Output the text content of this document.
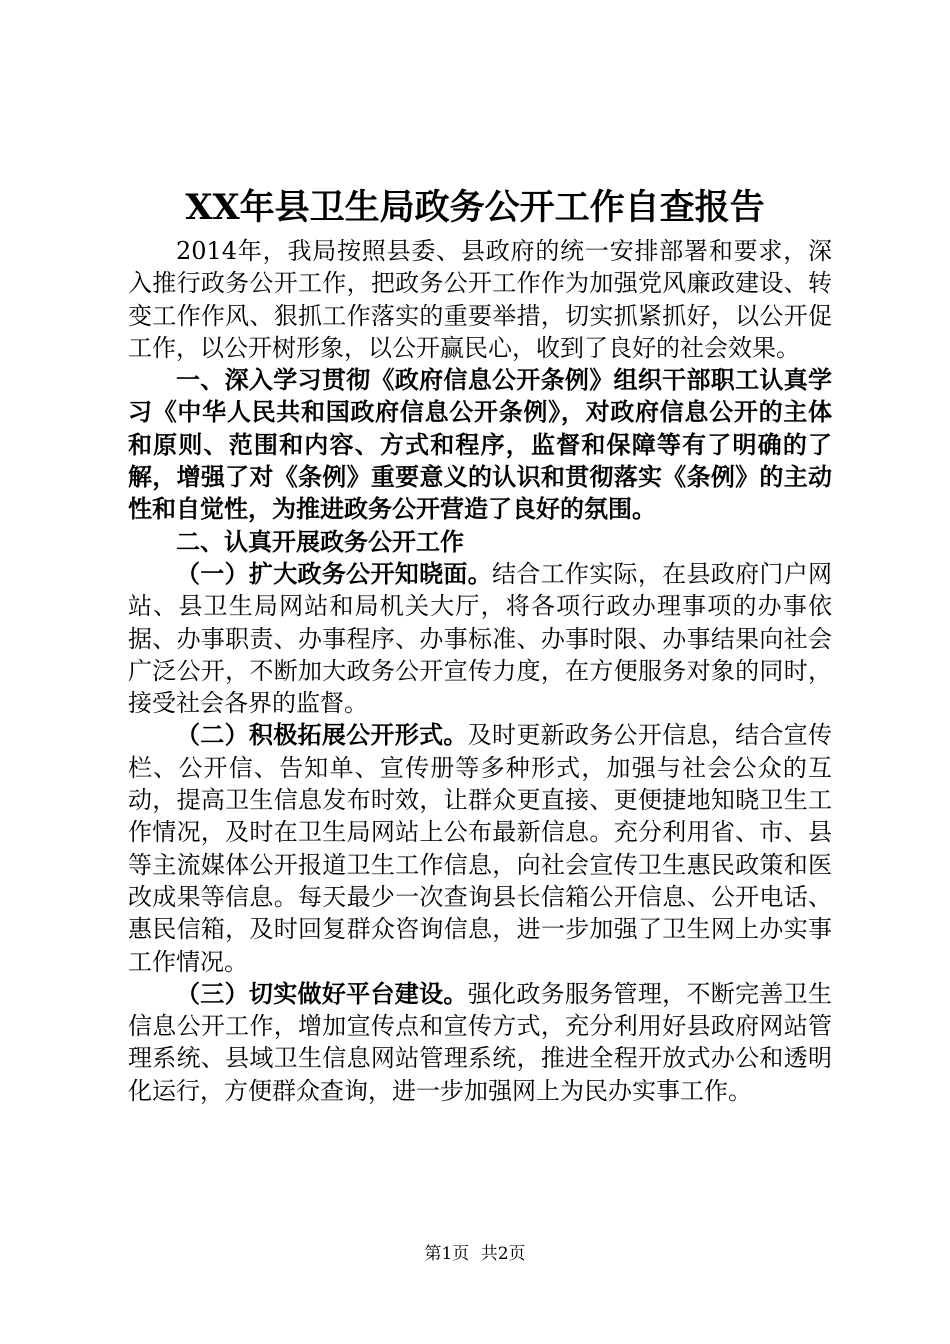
XX年县卫生局政务公开工作自查报告

2014年，我局按照县委、县政府的统一安排部署和要求，深入推行政务公开工作，把政务公开工作作为加强党风廉政建设、转变工作作风、狠抓工作落实的重要举措，切实抓紧抓好，以公开促工作，以公开树形象，以公开赢民心，收到了良好的社会效果。

一、深入学习贯彻《政府信息公开条例》组织干部职工认真学习《中华人民共和国政府信息公开条例》，对政府信息公开的主体和原则、范围和内容、方式和程序，监督和保障等有了明确的了解，增强了对《条例》重要意义的认识和贯彻落实《条例》的主动性和自觉性，为推进政务公开营造了良好的氛围。

二、认真开展政务公开工作

（一）扩大政务公开知晓面。结合工作实际，在县政府门户网站、县卫生局网站和局机关大厅，将各项行政办理事项的办事依据、办事职责、办事程序、办事标准、办事时限、办事结果向社会广泛公开，不断加大政务公开宣传力度，在方便服务对象的同时，接受社会各界的监督。

（二）积极拓展公开形式。及时更新政务公开信息，结合宣传栏、公开信、告知单、宣传册等多种形式，加强与社会公众的互动，提高卫生信息发布时效，让群众更直接、更便捷地知晓卫生工作情况，及时在卫生局网站上公布最新信息。充分利用省、市、县等主流媒体公开报道卫生工作信息，向社会宣传卫生惠民政策和医改成果等信息。每天最少一次查询县长信箱公开信息、公开电话、惠民信箱，及时回复群众咨询信息，进一步加强了卫生网上办实事工作情况。

（三）切实做好平台建设。强化政务服务管理，不断完善卫生信息公开工作，增加宣传点和宣传方式，充分利用好县政府网站管理系统、县域卫生信息网站管理系统，推进全程开放式办公和透明化运行，方便群众查询，进一步加强网上为民办实事工作。

第1页 共2页
